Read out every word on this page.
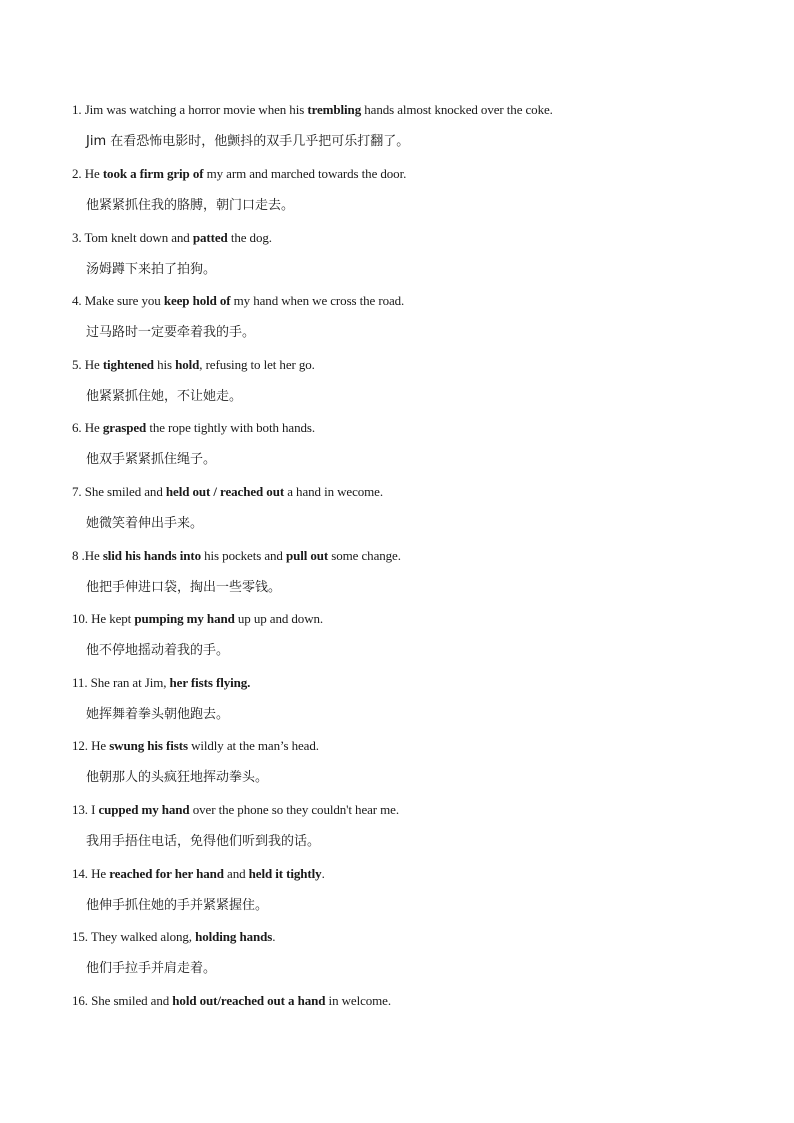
1. Jim was watching a horror movie when his trembling hands almost knocked over the coke.
Jim 在看恐怖电影时，他颤抖的双手几乎把可乐打翻了。
2. He took a firm grip of my arm and marched towards the door.
他紧紧抓住我的胳膊，朝门口走去。
3. Tom knelt down and patted the dog.
汤姆蹲下来拍了拍狗。
4. Make sure you keep hold of my hand when we cross the road.
过马路时一定要牵着我的手。
5. He tightened his hold, refusing to let her go.
他紧紧抓住她，不让她走。
6. He grasped the rope tightly with both hands.
他双手紧紧抓住绳子。
7. She smiled and held out / reached out a hand in wecome.
她微笑着伸出手来。
8 .He slid his hands into his pockets and pull out some change.
他把手伸进口袋，掏出一些零钱。
10. He kept pumping my hand up up and down.
他不停地摇动着我的手。
11. She ran at Jim, her fists flying.
她挥舞着拳头朝他跑去。
12. He swung his fists wildly at the man’s head.
他朝那人的头疯狂地挥动拳头。
13. I cupped my hand over the phone so they couldn't hear me.
我用手捂住电话，免得他们听到我的话。
14. He reached for her hand and held it tightly.
他伸手抓住她的手并紧紧握住。
15. They walked along, holding hands.
他们手拉手并肩走着。
16. She smiled and hold out/reached out a hand in welcome.
